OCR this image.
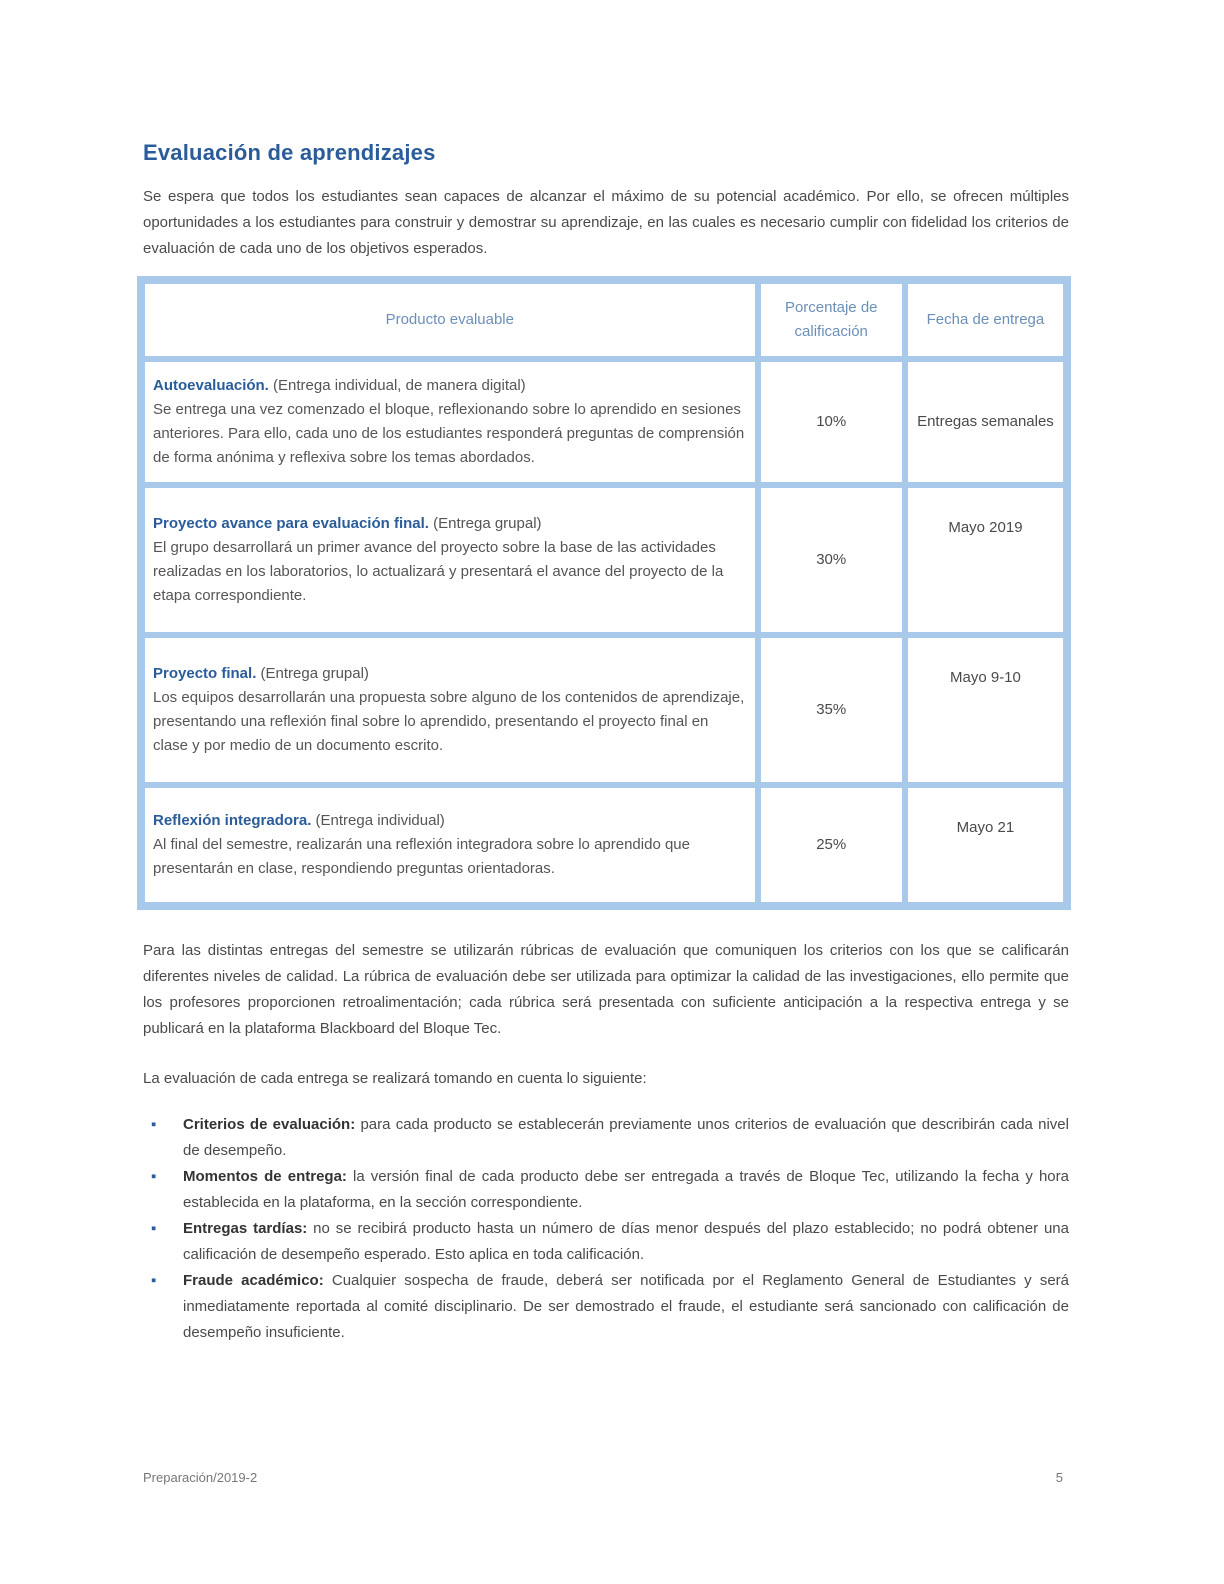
Evaluación de aprendizajes

Se espera que todos los estudiantes sean capaces de alcanzar el máximo de su potencial académico. Por ello, se ofrecen múltiples oportunidades a los estudiantes para construir y demostrar su aprendizaje, en las cuales es necesario cumplir con fidelidad los criterios de evaluación de cada uno de los objetivos esperados.

Producto evaluable	Porcentaje de calificación	Fecha de entrega
Autoevaluación. (Entrega individual, de manera digital)
Se entrega una vez comenzado el bloque, reflexionando sobre lo aprendido en sesiones anteriores. Para ello, cada uno de los estudiantes responderá preguntas de comprensión de forma anónima y reflexiva sobre los temas abordados.	10%	Entregas semanales
Proyecto avance para evaluación final. (Entrega grupal)
El grupo desarrollará un primer avance del proyecto sobre la base de las actividades realizadas en los laboratorios, lo actualizará y presentará el avance del proyecto de la etapa correspondiente.	30%	Mayo 2019
Proyecto final. (Entrega grupal)
Los equipos desarrollarán una propuesta sobre alguno de los contenidos de aprendizaje, presentando una reflexión final sobre lo aprendido, presentando el proyecto final en clase y por medio de un documento escrito.	35%	Mayo 9-10
Reflexión integradora. (Entrega individual)
Al final del semestre, realizarán una reflexión integradora sobre lo aprendido que presentarán en clase, respondiendo preguntas orientadoras.	25%	Mayo 21

Para las distintas entregas del semestre se utilizarán rúbricas de evaluación que comuniquen los criterios con los que se calificarán diferentes niveles de calidad. La rúbrica de evaluación debe ser utilizada para optimizar la calidad de las investigaciones, ello permite que los profesores proporcionen retroalimentación; cada rúbrica será presentada con suficiente anticipación a la respectiva entrega y se publicará en la plataforma Blackboard del Bloque Tec.

La evaluación de cada entrega se realizará tomando en cuenta lo siguiente:

▪ Criterios de evaluación: para cada producto se establecerán previamente unos criterios de evaluación que describirán cada nivel de desempeño.
▪ Momentos de entrega: la versión final de cada producto debe ser entregada a través de Bloque Tec, utilizando la fecha y hora establecida en la plataforma, en la sección correspondiente.
▪ Entregas tardías: no se recibirá producto hasta un número de días menor después del plazo establecido; no podrá obtener una calificación de desempeño esperado. Esto aplica en toda calificación.
▪ Fraude académico: Cualquier sospecha de fraude, deberá ser notificada por el Reglamento General de Estudiantes y será inmediatamente reportada al comité disciplinario. De ser demostrado el fraude, el estudiante será sancionado con calificación de desempeño insuficiente.
Preparación/2019-2	5
